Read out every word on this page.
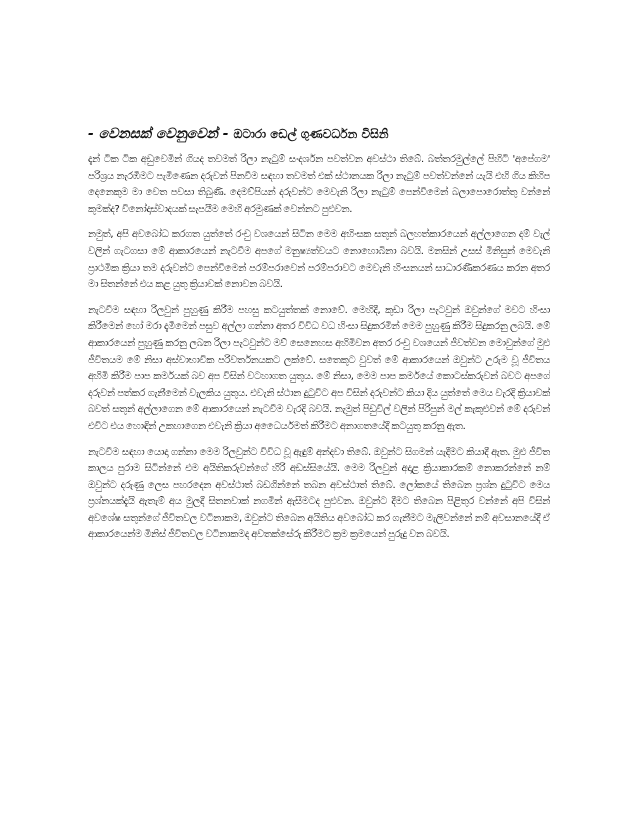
- වෙනසක් වෙනුවෙන් - ඔටාරා ඩෙල් ගුණවර්ධන විසිනි

දැන් ටික ටික අඩුවෙමින් ගියද තවමත් රිලා නැටුම් සංදර්ශන පවත්වන අවස්ථා තිබේ. බත්තරමුල්ලේ පිහිටි 'අපේගම' පරිශ්‍රය නැරඹීමට පැමිණෙන දරුවන් පිනවීම සඳහා තවමත් එක් ස්ථානයක රිලා නැටුම් පවත්වන්නේ යැයි එහි ගිය කිහිප දෙනෙකුම මා වෙත පවසා තිබුණි. දෙමව්පියන් දරුවන්ට මෙවැනි රිලා නැටුම් පෙන්වීමෙන් බලාපොරොත්තු වන්නේ කුමක්ද? විනෝදාස්වාදයක් සැපයීම මෙහි අරමුණක් වෙන්නට පුළුවන.

නමුත්, අපි අවබෝධ කරගත යුත්තේ රංචු වශයෙන් සිටින මෙම අහිංසක සතුන් බලහත්කාරයෙන් අල්ලාගෙන දම් වැල් වලින් ගැටගසා මේ ආකාරයෙන් නැටවීම අපගේ මනුෂ්‍යත්වයට නොහොබිනා බවයි. මනසින් උසස් මිනිසුන් මෙවැනි ප්‍රාථමික ක්‍රියා තම දරුවන්ට පෙන්වීමෙන් පරම්පරාවෙන් පරම්පරාවට මෙවැනි හිංසනයන් සාධාරණීකරණය කරන අතර මා සිතන්නේ එය කළ යුතු ක්‍රියාවක් නොවන බවයි.

නැටවීම සඳහා රිලවුන් පුහුණු කිරීම පහසු කටයුත්තක් නොවේ. මෙහිදී, කුඩා රිලා පැටවුන් ඔවුන්ගේ මවට හිංසා කිරීමෙන් හෝ මරා දැමීමෙන් පසුව අල්ලා ගන්නා අතර විවිධ වධ හිංසා සිදුකරමින් මෙම පුහුණු කිරීම සිදුකරනු ලබයි. මේ ආකාරයෙන් පුහුණු කරනු ලබන රිලා පැටවුන්ට මව් සෙනෙහස අහිමිවන අතර රංචු වශයෙන් ජීවත්වන මොවුන්ගේ මුළු ජීවිතයම මේ නිසා අස්වාභාවික පරිවර්තනයකට ලක්වේ. සතෙකුට වුවත් මේ ආකාරයෙන් ඔවුන්ට උරුම වූ ජීවිතය අහිමි කිරීම පාප කර්මයක් බව අප විසින් වටහාගත යුතුය. මේ නිසා, මෙම පාප කර්මයේ කොටස්කරුවන් බවට අපගේ දරුවන් පත්කර ගැනීමෙන් වැලකිය යුතුය. එවැනි ස්ථාන දුටුවිට අප විසින් දරුවන්ට කියා දිය යුත්තේ මෙය වැරදි ක්‍රියාවක් බවත් සතුන් අල්ලාගෙන මේ ආකාරයෙන් නැටවීම වැරදි බවයි. නැමුත් පිඩුවිල් වලින් පිරිපුන් මල් කැකුළුවන් මේ දරුවන් එවිට එය හොඳින් උකහාගෙන එවැනි ක්‍රියා අධෛර්යමත් කිරීමට අනාගතයේදී කටයුතු කරනු ඇත.

නැටවීම සඳහා යොදා ගන්නා මෙම රිලවුන්ට විවිධ වූ ඇඳුම් අන්දවා තිබේ. ඔවුන්ට සිගමන් යැදීමට කියාදී ඇත. මුළු ජීවිත කාලය පුරාම සිටින්නේ එම අයිතිකරුවන්ගේ හිරි අඩස්සියේයි. මෙම රිලවුන් අදාළ ක්‍රියාකාරකම් නොකරන්නේ නම් ඔවුන්ට දරුණු ලෙස පහරදෙන අවස්ථාත් බඩගින්නේ තබන අවස්ථාත් තිබේ. ලෝකයේ තිබෙන ප්‍රශ්න දුටුවිට මෙය ප්‍රශ්නයක්දැයි ඇතැම් අය මුලදී සිතනවාක් නගමින් ඇසීමටද පුළුවන. ඔවුන්ට දීමට තිබෙන පිළිතුර වන්නේ අපි විසින් අවශේෂ සතුන්ගේ ජීවිතවල වටිනාකම, ඔවුන්ට තිබෙන අයිතිය අවබෝධ කර ගැනීමට මැලිවන්නේ නම් අවසානයේදී ඒ ආකාරයෙන්ම මිනිස් ජීවිතවල වටිනාකමද අවතක්සේරු කිරීමට ක්‍රම ක්‍රමයෙන් පුරුදු වන බවයි.
